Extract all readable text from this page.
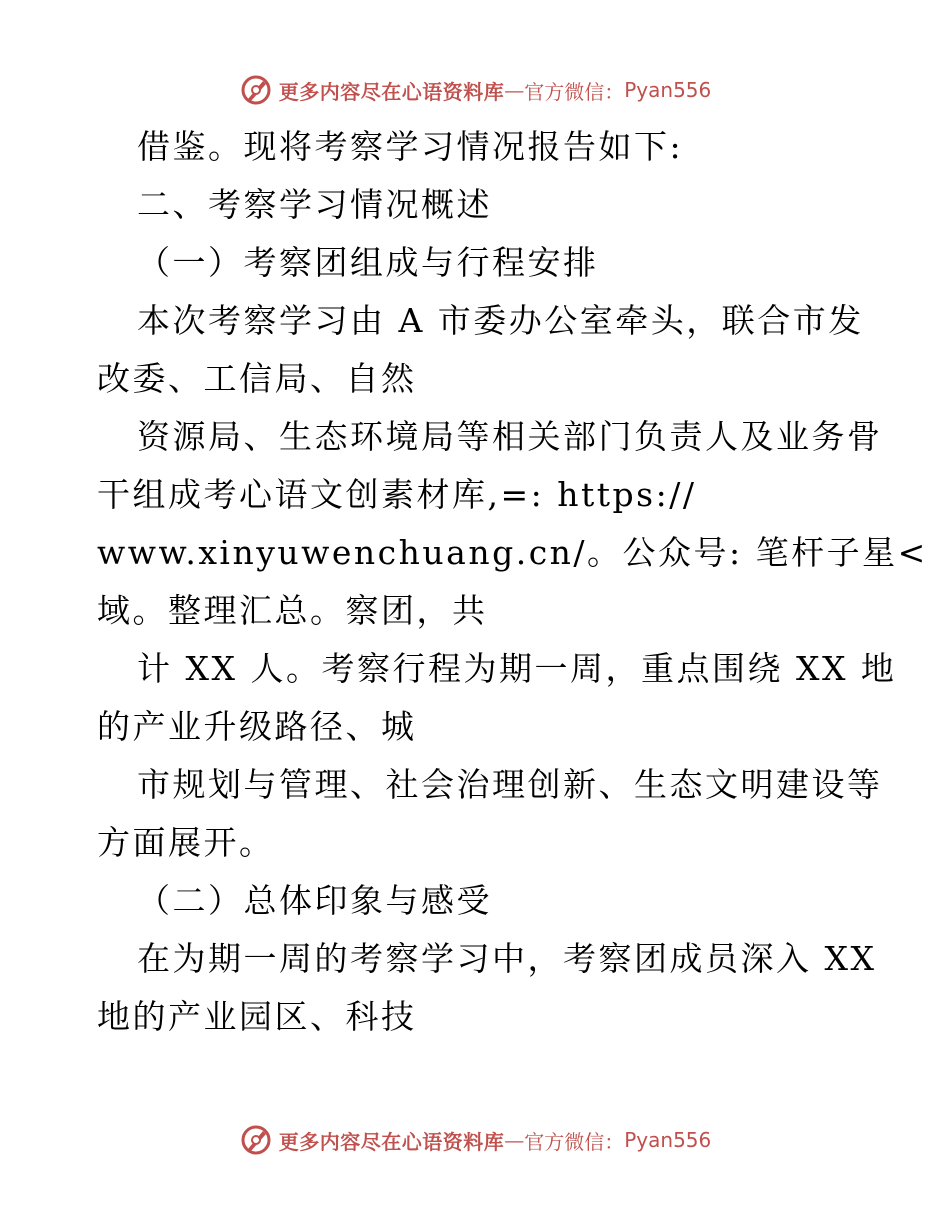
更多内容尽在心语资料库 — 官方微信： Pyan556
借鉴。现将考察学习情况报告如下:
二、考察学习情况概述
（一）考察团组成与行程安排
本次考察学习由 A 市委办公室牵头，联合市发
改委、工信局、自然
资源局、生态环境局等相关部门负责人及业务骨
干组成考心语文创素材库,=: https://
www.xinyuwenchuang.cn/。公众号: 笔杆子星<
域。整理汇总。察团，共
计 XX 人。考察行程为期一周，重点围绕 XX 地
的产业升级路径、城
市规划与管理、社会治理创新、生态文明建设等
方面展开。
（二）总体印象与感受
在为期一周的考察学习中，考察团成员深入 XX
地的产业园区、科技
更多内容尽在心语资料库 — 官方微信： Pyan556
